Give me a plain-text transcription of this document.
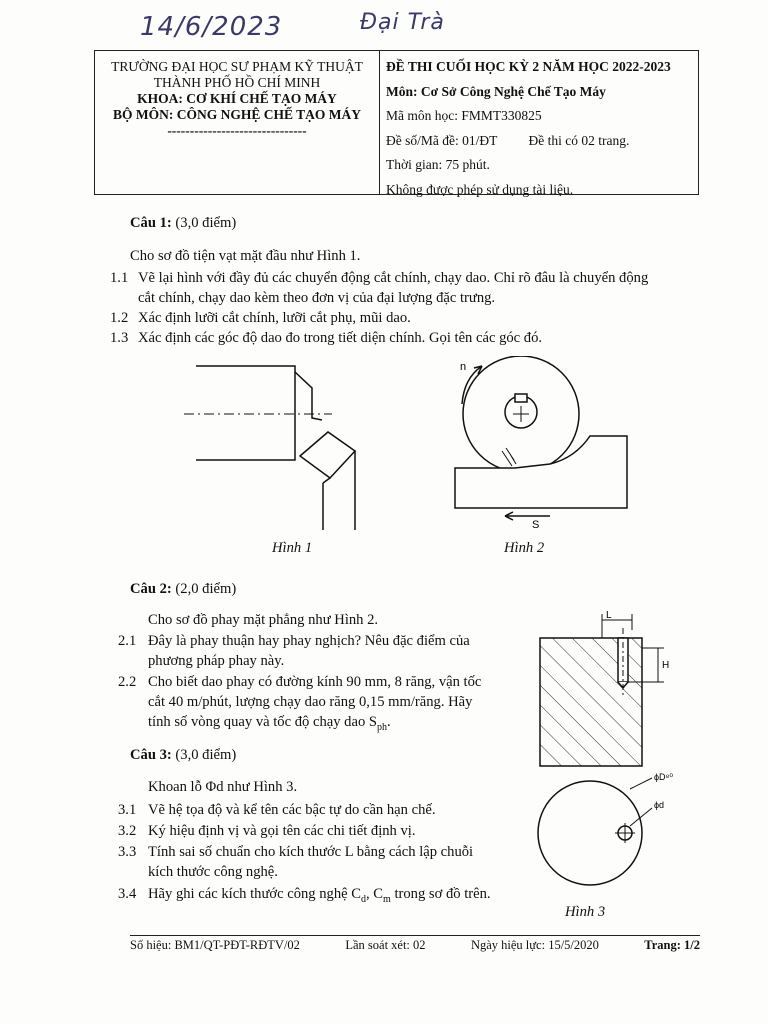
14/6/2023	Đại Trà
TRƯỜNG ĐẠI HỌC SƯ PHẠM KỸ THUẬT
THÀNH PHỐ HỒ CHÍ MINH
KHOA: CƠ KHÍ CHẾ TẠO MÁY
BỘ MÔN: CÔNG NGHỆ CHẾ TẠO MÁY
-------------------------------
ĐỀ THI CUỐI HỌC KỲ 2 NĂM HỌC 2022-2023
Môn: Cơ Sở Công Nghệ Chế Tạo Máy
Mã môn học: FMMT330825
Đề số/Mã đề: 01/ĐT Đề thi có 02 trang.
Thời gian: 75 phút.
Không được phép sử dụng tài liệu.
Câu 1: (3,0 điểm)
Cho sơ đồ tiện vạt mặt đầu như Hình 1.
1.1 Vẽ lại hình với đầy đủ các chuyển động cắt chính, chạy dao. Chỉ rõ đâu là chuyển động
cắt chính, chạy dao kèm theo đơn vị của đại lượng đặc trưng.
1.2 Xác định lưỡi cắt chính, lưỡi cắt phụ, mũi dao.
1.3 Xác định các góc độ dao đo trong tiết diện chính. Gọi tên các góc đó.
Hình 1
n
S
Hình 2
Câu 2: (2,0 điểm)
Cho sơ đồ phay mặt phẳng như Hình 2.
2.1 Đây là phay thuận hay phay nghịch? Nêu đặc điểm của
phương pháp phay này.
2.2 Cho biết dao phay có đường kính 90 mm, 8 răng, vận tốc
cắt 40 m/phút, lượng chạy dao răng 0,15 mm/răng. Hãy
tính số vòng quay và tốc độ chạy dao $S_{ph}$.
Câu 3: (3,0 điểm)
Khoan lỗ Φd như Hình 3.
3.1 Vẽ hệ tọa độ và kể tên các bậc tự do cần hạn chế.
3.2 Ký hiệu định vị và gọi tên các chi tiết định vị.
3.3 Tính sai số chuẩn cho kích thước L bằng cách lập chuỗi
kích thước công nghệ.
3.4 Hãy ghi các kích thước công nghệ $C_d$, $C_m$ trong sơ đồ trên.
L
H
ϕD⁸⁰
ϕd
Hình 3
Số hiệu: BM1/QT-PĐT-RĐTV/02	Lần soát xét: 02	Ngày hiệu lực: 15/5/2020	Trang: 1/2
